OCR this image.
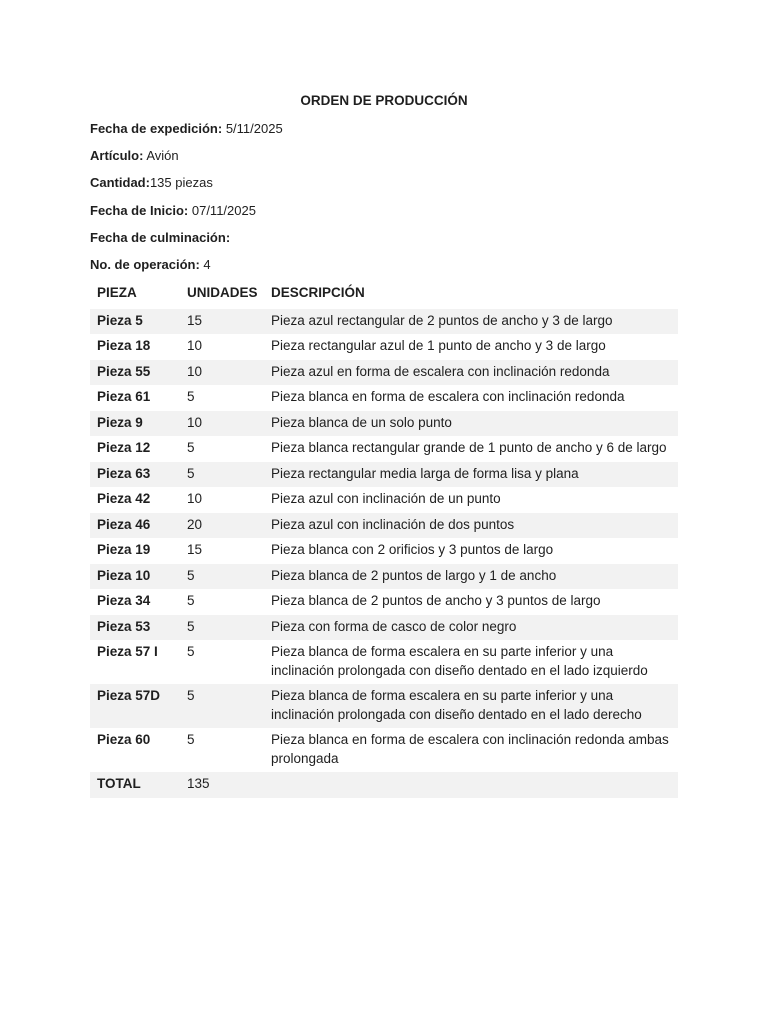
ORDEN DE PRODUCCIÓN
Fecha de expedición: 5/11/2025
Artículo: Avión
Cantidad:135 piezas
Fecha de Inicio: 07/11/2025
Fecha de culminación:
No. de operación: 4
PIEZA	UNIDADES	DESCRIPCIÓN
Pieza 5	15	Pieza azul rectangular de 2 puntos de ancho y 3 de largo
Pieza 18	10	Pieza rectangular azul de 1 punto de ancho y 3 de largo
Pieza 55	10	Pieza azul en forma de escalera con inclinación redonda
Pieza 61	5	Pieza blanca en forma de escalera con inclinación redonda
Pieza 9	10	Pieza blanca de un solo punto
Pieza 12	5	Pieza blanca rectangular grande de 1 punto de ancho y 6 de largo
Pieza 63	5	Pieza rectangular media larga de forma lisa y plana
Pieza 42	10	Pieza azul con inclinación de un punto
Pieza 46	20	Pieza azul con inclinación de dos puntos
Pieza 19	15	Pieza blanca con 2 orificios y 3 puntos de largo
Pieza 10	5	Pieza blanca de 2 puntos de largo y 1 de ancho
Pieza 34	5	Pieza blanca de 2 puntos de ancho y 3 puntos de largo
Pieza 53	5	Pieza con forma de casco de color negro
Pieza 57 I	5	Pieza blanca de forma escalera en su parte inferior y una inclinación prolongada con diseño dentado en el lado izquierdo
Pieza 57D	5	Pieza blanca de forma escalera en su parte inferior y una inclinación prolongada con diseño dentado en el lado derecho
Pieza 60	5	Pieza blanca en forma de escalera con inclinación redonda ambas prolongada
TOTAL	135	
